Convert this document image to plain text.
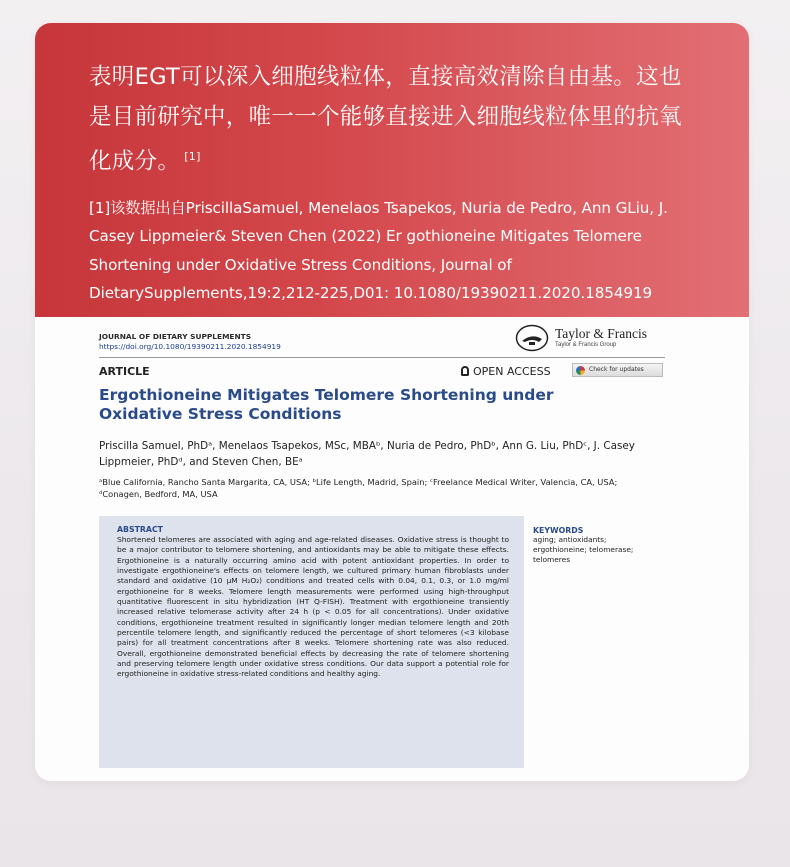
表明EGT可以深入细胞线粒体，直接高效清除自由基。这也是目前研究中，唯一一个能够直接进入细胞线粒体里的抗氧化成分。 [1]

[1]该数据出自PriscillaSamuel, Menelaos Tsapekos, Nuria de Pedro, Ann GLiu, J. Casey Lippmeier& Steven Chen (2022) Er gothioneine Mitigates Telomere Shortening under Oxidative Stress Conditions, Journal of DietarySupplements,19:2,212-225,D01: 10.1080/19390211.2020.1854919

JOURNAL OF DIETARY SUPPLEMENTS
https://doi.org/10.1080/19390211.2020.1854919
Taylor & Francis
Taylor & Francis Group
ARTICLE	OPEN ACCESS	Check for updates
Ergothioneine Mitigates Telomere Shortening under Oxidative Stress Conditions
Priscilla Samuel, PhDᵃ, Menelaos Tsapekos, MSc, MBAᵇ, Nuria de Pedro, PhDᵇ, Ann G. Liu, PhDᶜ, J. Casey Lippmeier, PhDᵈ, and Steven Chen, BEᵃ
ᵃBlue California, Rancho Santa Margarita, CA, USA; ᵇLife Length, Madrid, Spain; ᶜFreelance Medical Writer, Valencia, CA, USA; ᵈConagen, Bedford, MA, USA
ABSTRACT
Shortened telomeres are associated with aging and age-related diseases. Oxidative stress is thought to be a major contributor to telomere shortening, and antioxidants may be able to mitigate these effects. Ergothioneine is a naturally occurring amino acid with potent antioxidant properties. In order to investigate ergothioneine's effects on telomere length, we cultured primary human fibroblasts under standard and oxidative (10 μM H₂O₂) conditions and treated cells with 0.04, 0.1, 0.3, or 1.0 mg/ml ergothioneine for 8 weeks. Telomere length measurements were performed using high-throughput quantitative fluorescent in situ hybridization (HT Q-FISH). Treatment with ergothioneine transiently increased relative telomerase activity after 24 h (p < 0.05 for all concentrations). Under oxidative conditions, ergothioneine treatment resulted in significantly longer median telomere length and 20th percentile telomere length, and significantly reduced the percentage of short telomeres (<3 kilobase pairs) for all treatment concentrations after 8 weeks. Telomere shortening rate was also reduced. Overall, ergothioneine demonstrated beneficial effects by decreasing the rate of telomere shortening and preserving telomere length under oxidative stress conditions. Our data support a potential role for ergothioneine in oxidative stress-related conditions and healthy aging.
KEYWORDS
aging; antioxidants; ergothioneine; telomerase; telomeres
